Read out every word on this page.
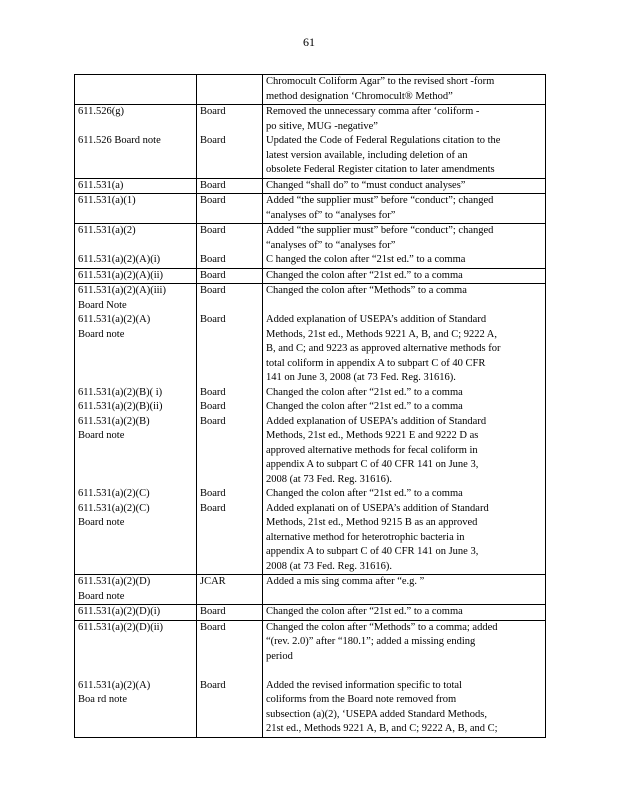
61

		Chromocult Coliform Agar” to the revised short -form
method designation ‘Chromocult® Method”

611.526(g)	Board	Removed the unnecessary comma after ‘coliform -
po sitive, MUG -negative”

611.526 Board note	Board	Updated the Code of Federal Regulations citation to the
latest version available, including deletion of an
obsolete Federal Register citation to later amendments

611.531(a)	Board	Changed “shall do” to “must conduct analyses”

611.531(a)(1)	Board	Added “the supplier must” before “conduct”; changed
“analyses of” to “analyses for”

611.531(a)(2)	Board	Added “the supplier must” before “conduct”; changed
“analyses of” to “analyses for”

611.531(a)(2)(A)(i)	Board	C hanged the colon after “21st ed.” to a comma

611.531(a)(2)(A)(ii)	Board	Changed the colon after “21st ed.” to a comma

611.531(a)(2)(A)(iii)
Board Note	Board	Changed the colon after “Methods” to a comma

611.531(a)(2)(A)
Board note	Board	Added explanation of USEPA’s addition of Standard
Methods, 21st ed., Methods 9221 A, B, and C; 9222 A,
B, and C; and 9223 as approved alternative methods for
total coliform in appendix A to subpart C of 40 CFR
141 on June 3, 2008 (at 73 Fed. Reg. 31616).

611.531(a)(2)(B)( i)	Board	Changed the colon after “21st ed.” to a comma

611.531(a)(2)(B)(ii)	Board	Changed the colon after “21st ed.” to a comma

611.531(a)(2)(B)
Board note	Board	Added explanation of USEPA’s addition of Standard
Methods, 21st ed., Methods 9221 E and 9222 D as
approved alternative methods for fecal coliform in
appendix A to subpart C of 40 CFR 141 on June 3,
2008 (at 73 Fed. Reg. 31616).

611.531(a)(2)(C)	Board	Changed the colon after “21st ed.” to a comma

611.531(a)(2)(C)
Board note	Board	Added explanati on of USEPA’s addition of Standard
Methods, 21st ed., Method 9215 B as an approved
alternative method for heterotrophic bacteria in
appendix A to subpart C of 40 CFR 141 on June 3,
2008 (at 73 Fed. Reg. 31616).

611.531(a)(2)(D)
Board note	JCAR	Added a mis sing comma after “e.g. ”

611.531(a)(2)(D)(i)	Board	Changed the colon after “21st ed.” to a comma

611.531(a)(2)(D)(ii)	Board	Changed the colon after “Methods” to a comma; added
“(rev. 2.0)” after “180.1”; added a missing ending
period

611.531(a)(2)(A)
Boa rd note	Board	Added the revised information specific to total
coliforms from the Board note removed from
subsection (a)(2), ‘USEPA added Standard Methods,
21st ed., Methods 9221 A, B, and C; 9222 A, B, and C;
